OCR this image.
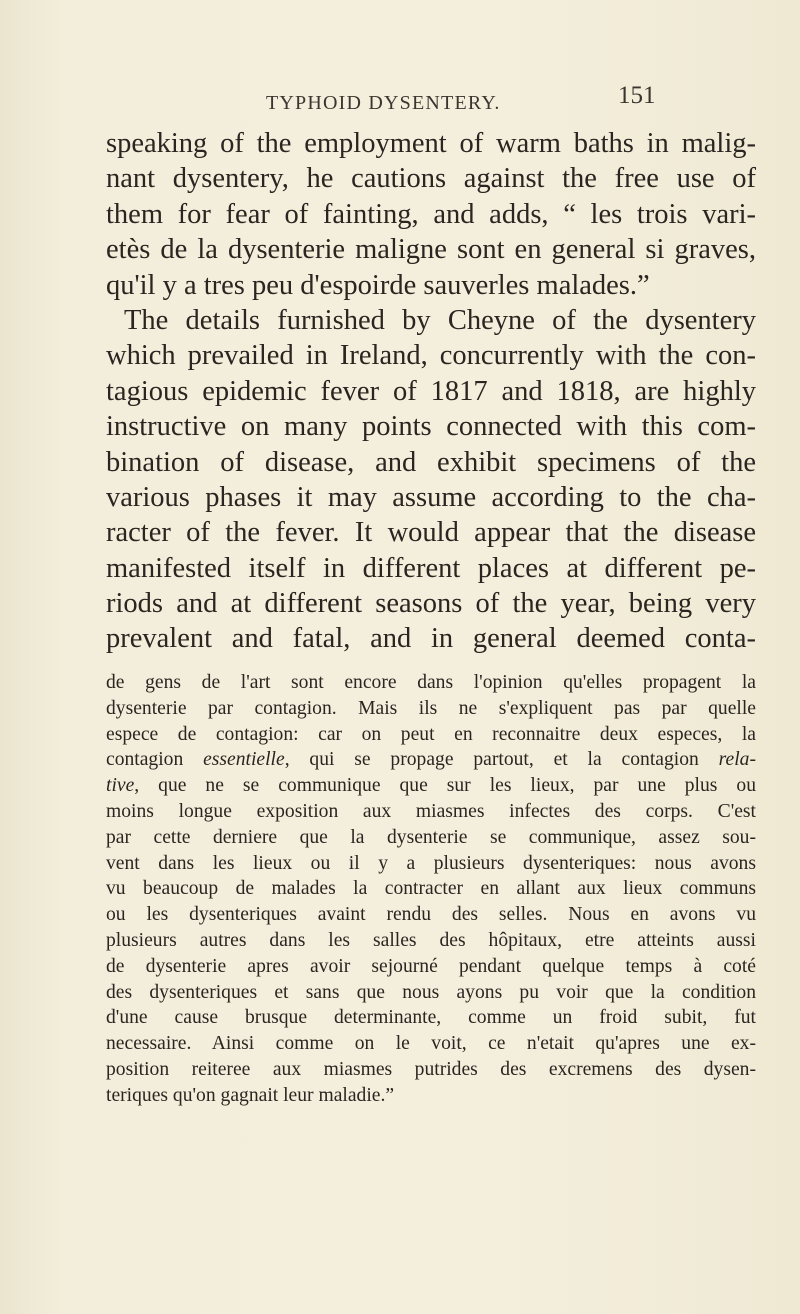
TYPHOID DYSENTERY.	151
speaking of the employment of warm baths in malig-
nant dysentery, he cautions against the free use of
them for fear of fainting, and adds, “ les trois vari-
etès de la dysenterie maligne sont en general si graves,
qu'il y a tres peu d'espoirde sauverles malades.”
The details furnished by Cheyne of the dysentery
which prevailed in Ireland, concurrently with the con-
tagious epidemic fever of 1817 and 1818, are highly
instructive on many points connected with this com-
bination of disease, and exhibit specimens of the
various phases it may assume according to the cha-
racter of the fever. It would appear that the disease
manifested itself in different places at different pe-
riods and at different seasons of the year, being very
prevalent and fatal, and in general deemed conta-
de gens de l'art sont encore dans l'opinion qu'elles propagent la
dysenterie par contagion. Mais ils ne s'expliquent pas par quelle
espece de contagion: car on peut en reconnaitre deux especes, la
contagion essentielle, qui se propage partout, et la contagion rela-
tive, que ne se communique que sur les lieux, par une plus ou
moins longue exposition aux miasmes infectes des corps. C'est
par cette derniere que la dysenterie se communique, assez sou-
vent dans les lieux ou il y a plusieurs dysenteriques: nous avons
vu beaucoup de malades la contracter en allant aux lieux communs
ou les dysenteriques avaint rendu des selles. Nous en avons vu
plusieurs autres dans les salles des hôpitaux, etre atteints aussi
de dysenterie apres avoir sejourné pendant quelque temps à coté
des dysenteriques et sans que nous ayons pu voir que la condition
d'une cause brusque determinante, comme un froid subit, fut
necessaire. Ainsi comme on le voit, ce n'etait qu'apres une ex-
position reiteree aux miasmes putrides des excremens des dysen-
teriques qu'on gagnait leur maladie.”
